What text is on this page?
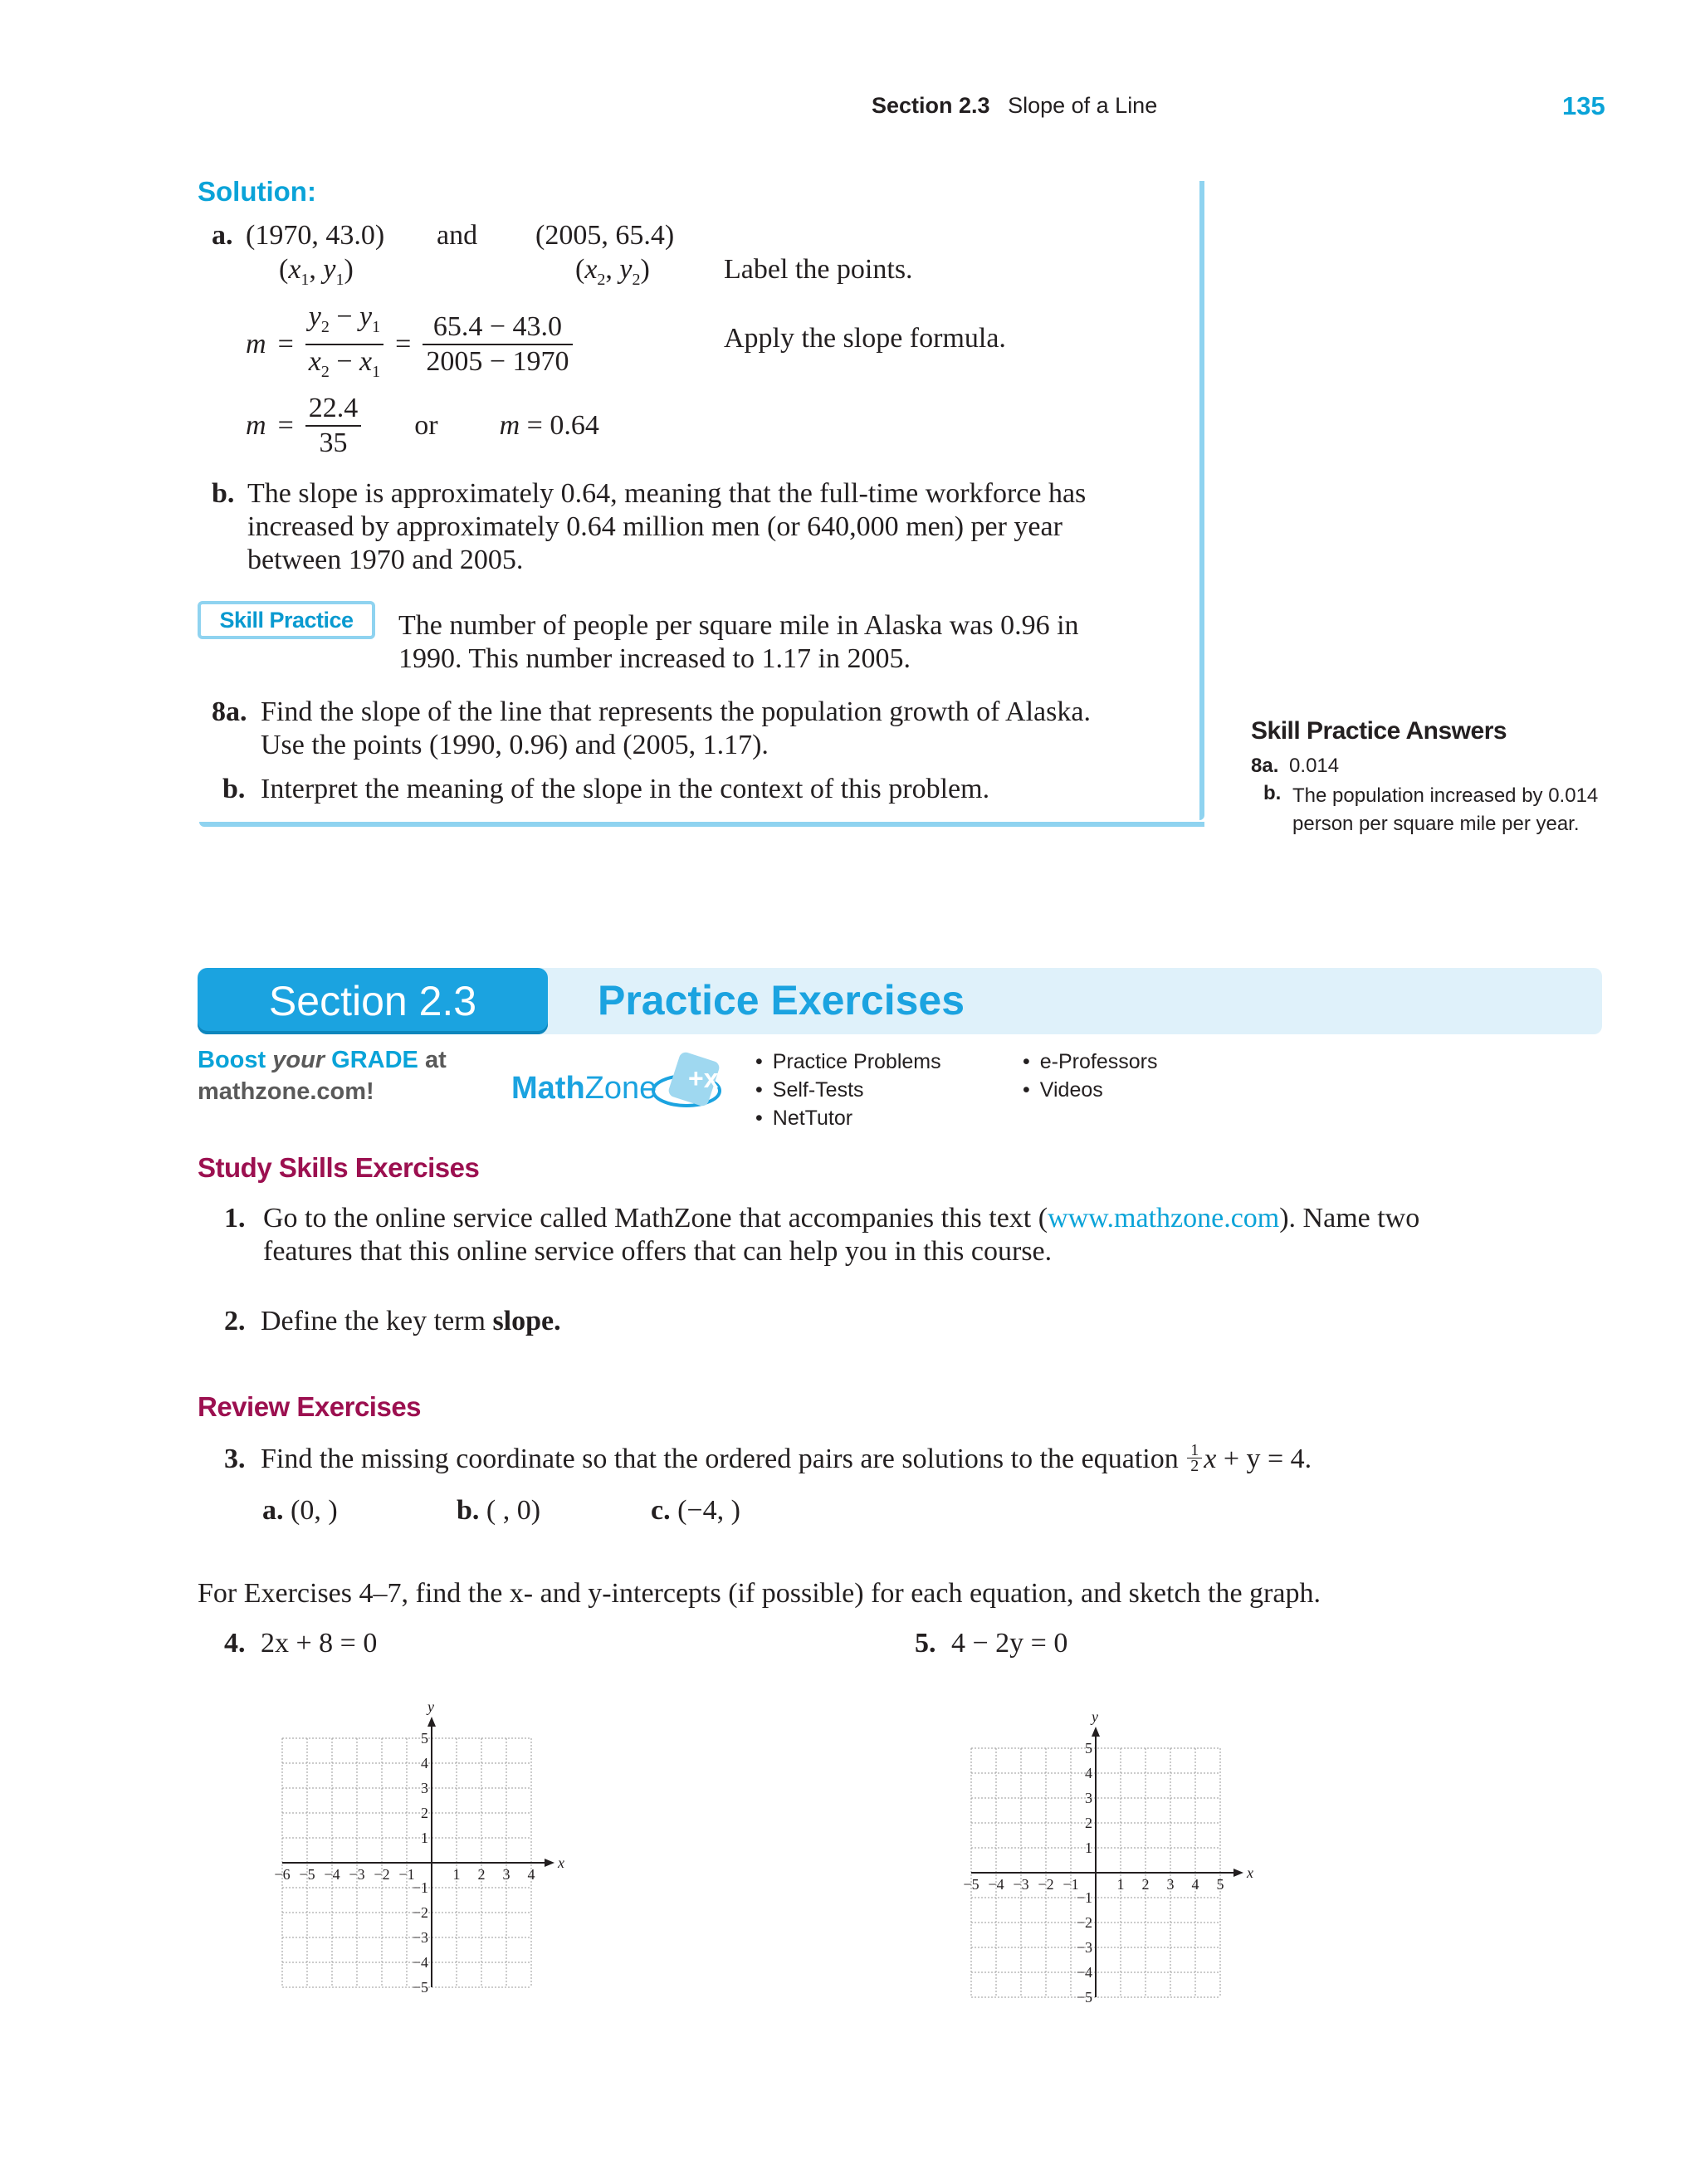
Section 2.3 Slope of a Line	135
Solution:
a. (1970, 43.0) and (2005, 65.4)
($x_1$, $y_1$)	($x_2$, $y_2$)	Label the points.
$m = \frac{y_2 - y_1}{x_2 - x_1} = \frac{65.4 - 43.0}{2005 - 1970}$	Apply the slope formula.
$m = \frac{22.4}{35}$ or m = 0.64
b. The slope is approximately 0.64, meaning that the full-time workforce has
increased by approximately 0.64 million men (or 640,000 men) per year
between 1970 and 2005.
Skill Practice	The number of people per square mile in Alaska was 0.96 in
1990. This number increased to 1.17 in 2005.
8a. Find the slope of the line that represents the population growth of Alaska.
Use the points (1990, 0.96) and (2005, 1.17).
b. Interpret the meaning of the slope in the context of this problem.
Skill Practice Answers
8a. 0.014
b. The population increased by 0.014
person per square mile per year.
Section 2.3	Practice Exercises
Boost your GRADE at
mathzone.com!	Math Zone +x
• Practice Problems
• Self-Tests
• NetTutor
• e-Professors
• Videos
Study Skills Exercises
1. Go to the online service called MathZone that accompanies this text (www.mathzone.com). Name two
features that this online service offers that can help you in this course.
2. Define the key term slope.
Review Exercises
3. Find the missing coordinate so that the ordered pairs are solutions to the equation $\frac{1}{2}$ x + y = 4.
a. (0, )	b. ( , 0)	c. (−4, )
For Exercises 4–7, find the x- and y-intercepts (if possible) for each equation, and sketch the graph.
4. 2x + 8 = 0	5. 4 − 2y = 0
x
y
−6 −5 −4 −3 −2 −1	1 2 3 4
5
4
3
2
1
−1
−2
−3
−4
−5
x
y
−5 −4 −3 −2 −1	1 2 3 4 5
5
4
3
2
1
−1
−2
−3
−4
−5
